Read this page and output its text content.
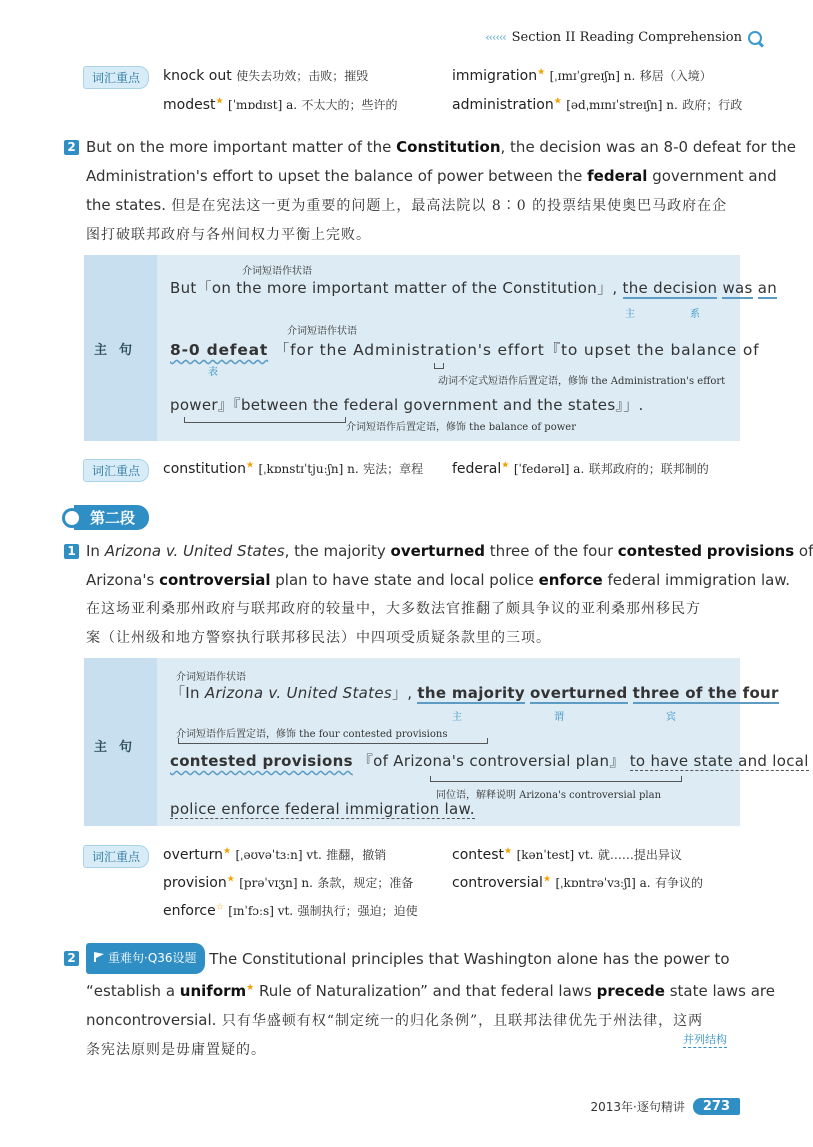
‹‹‹‹‹‹ Section II Reading Comprehension
词汇重点	knock out 使失去功效；击败；摧毁	immigration★ [ˌɪmɪˈɡreɪʃn] n. 移居（入境）
modest★ [ˈmɒdɪst] a. 不太大的；些许的	administration★ [ədˌmɪnɪˈstreɪʃn] n. 政府；行政
2 But on the more important matter of the Constitution, the decision was an 8-0 defeat for the
Administration's effort to upset the balance of power between the federal government and
the states. 但是在宪法这一更为重要的问题上，最高法院以 8∶0 的投票结果使奥巴马政府在企
图打破联邦政府与各州间权力平衡上完败。
主句
介词短语作状语
But「on the more important matter of the Constitution」, the decision was an
主	系
介词短语作状语
8-0 defeat 「for the Administration's effort『to upset the balance of
表
动词不定式短语作后置定语，修饰 the Administration's effort
power』『between the federal government and the states』」.
介词短语作后置定语，修饰 the balance of power
词汇重点	constitution★ [ˌkɒnstɪˈtjuːʃn] n. 宪法；章程 federal★ [ˈfedərəl] a. 联邦政府的；联邦制的
第二段
1 In Arizona v. United States, the majority overturned three of the four contested provisions of
Arizona's controversial plan to have state and local police enforce federal immigration law.
在这场亚利桑那州政府与联邦政府的较量中，大多数法官推翻了颇具争议的亚利桑那州移民方
案（让州级和地方警察执行联邦移民法）中四项受质疑条款里的三项。
主句
介词短语作状语
「In Arizona v. United States」, the majority overturned three of the four
主	谓	宾
介词短语作后置定语，修饰 the four contested provisions
contested provisions 『of Arizona's controversial plan』 to have state and local
同位语，解释说明 Arizona's controversial plan
police enforce federal immigration law.
词汇重点	overturn★ [ˌəʊvəˈtɜːn] vt. 推翻，撤销	contest★ [kənˈtest] vt. 就……提出异议
provision★ [prəˈvɪʒn] n. 条款，规定；准备	controversial★ [ˌkɒntrəˈvɜːʃl] a. 有争议的
enforce☆ [ɪnˈfɔːs] vt. 强制执行；强迫；迫使
2	重难句·Q36设题 The Constitutional principles that Washington alone has the power to
“establish a uniform★ Rule of Naturalization” and that federal laws precede state laws are
noncontroversial. 只有华盛顿有权“制定统一的归化条例”，且联邦法律优先于州法律，这两
条宪法原则是毋庸置疑的。
并列结构
2013年·逐句精讲	273
